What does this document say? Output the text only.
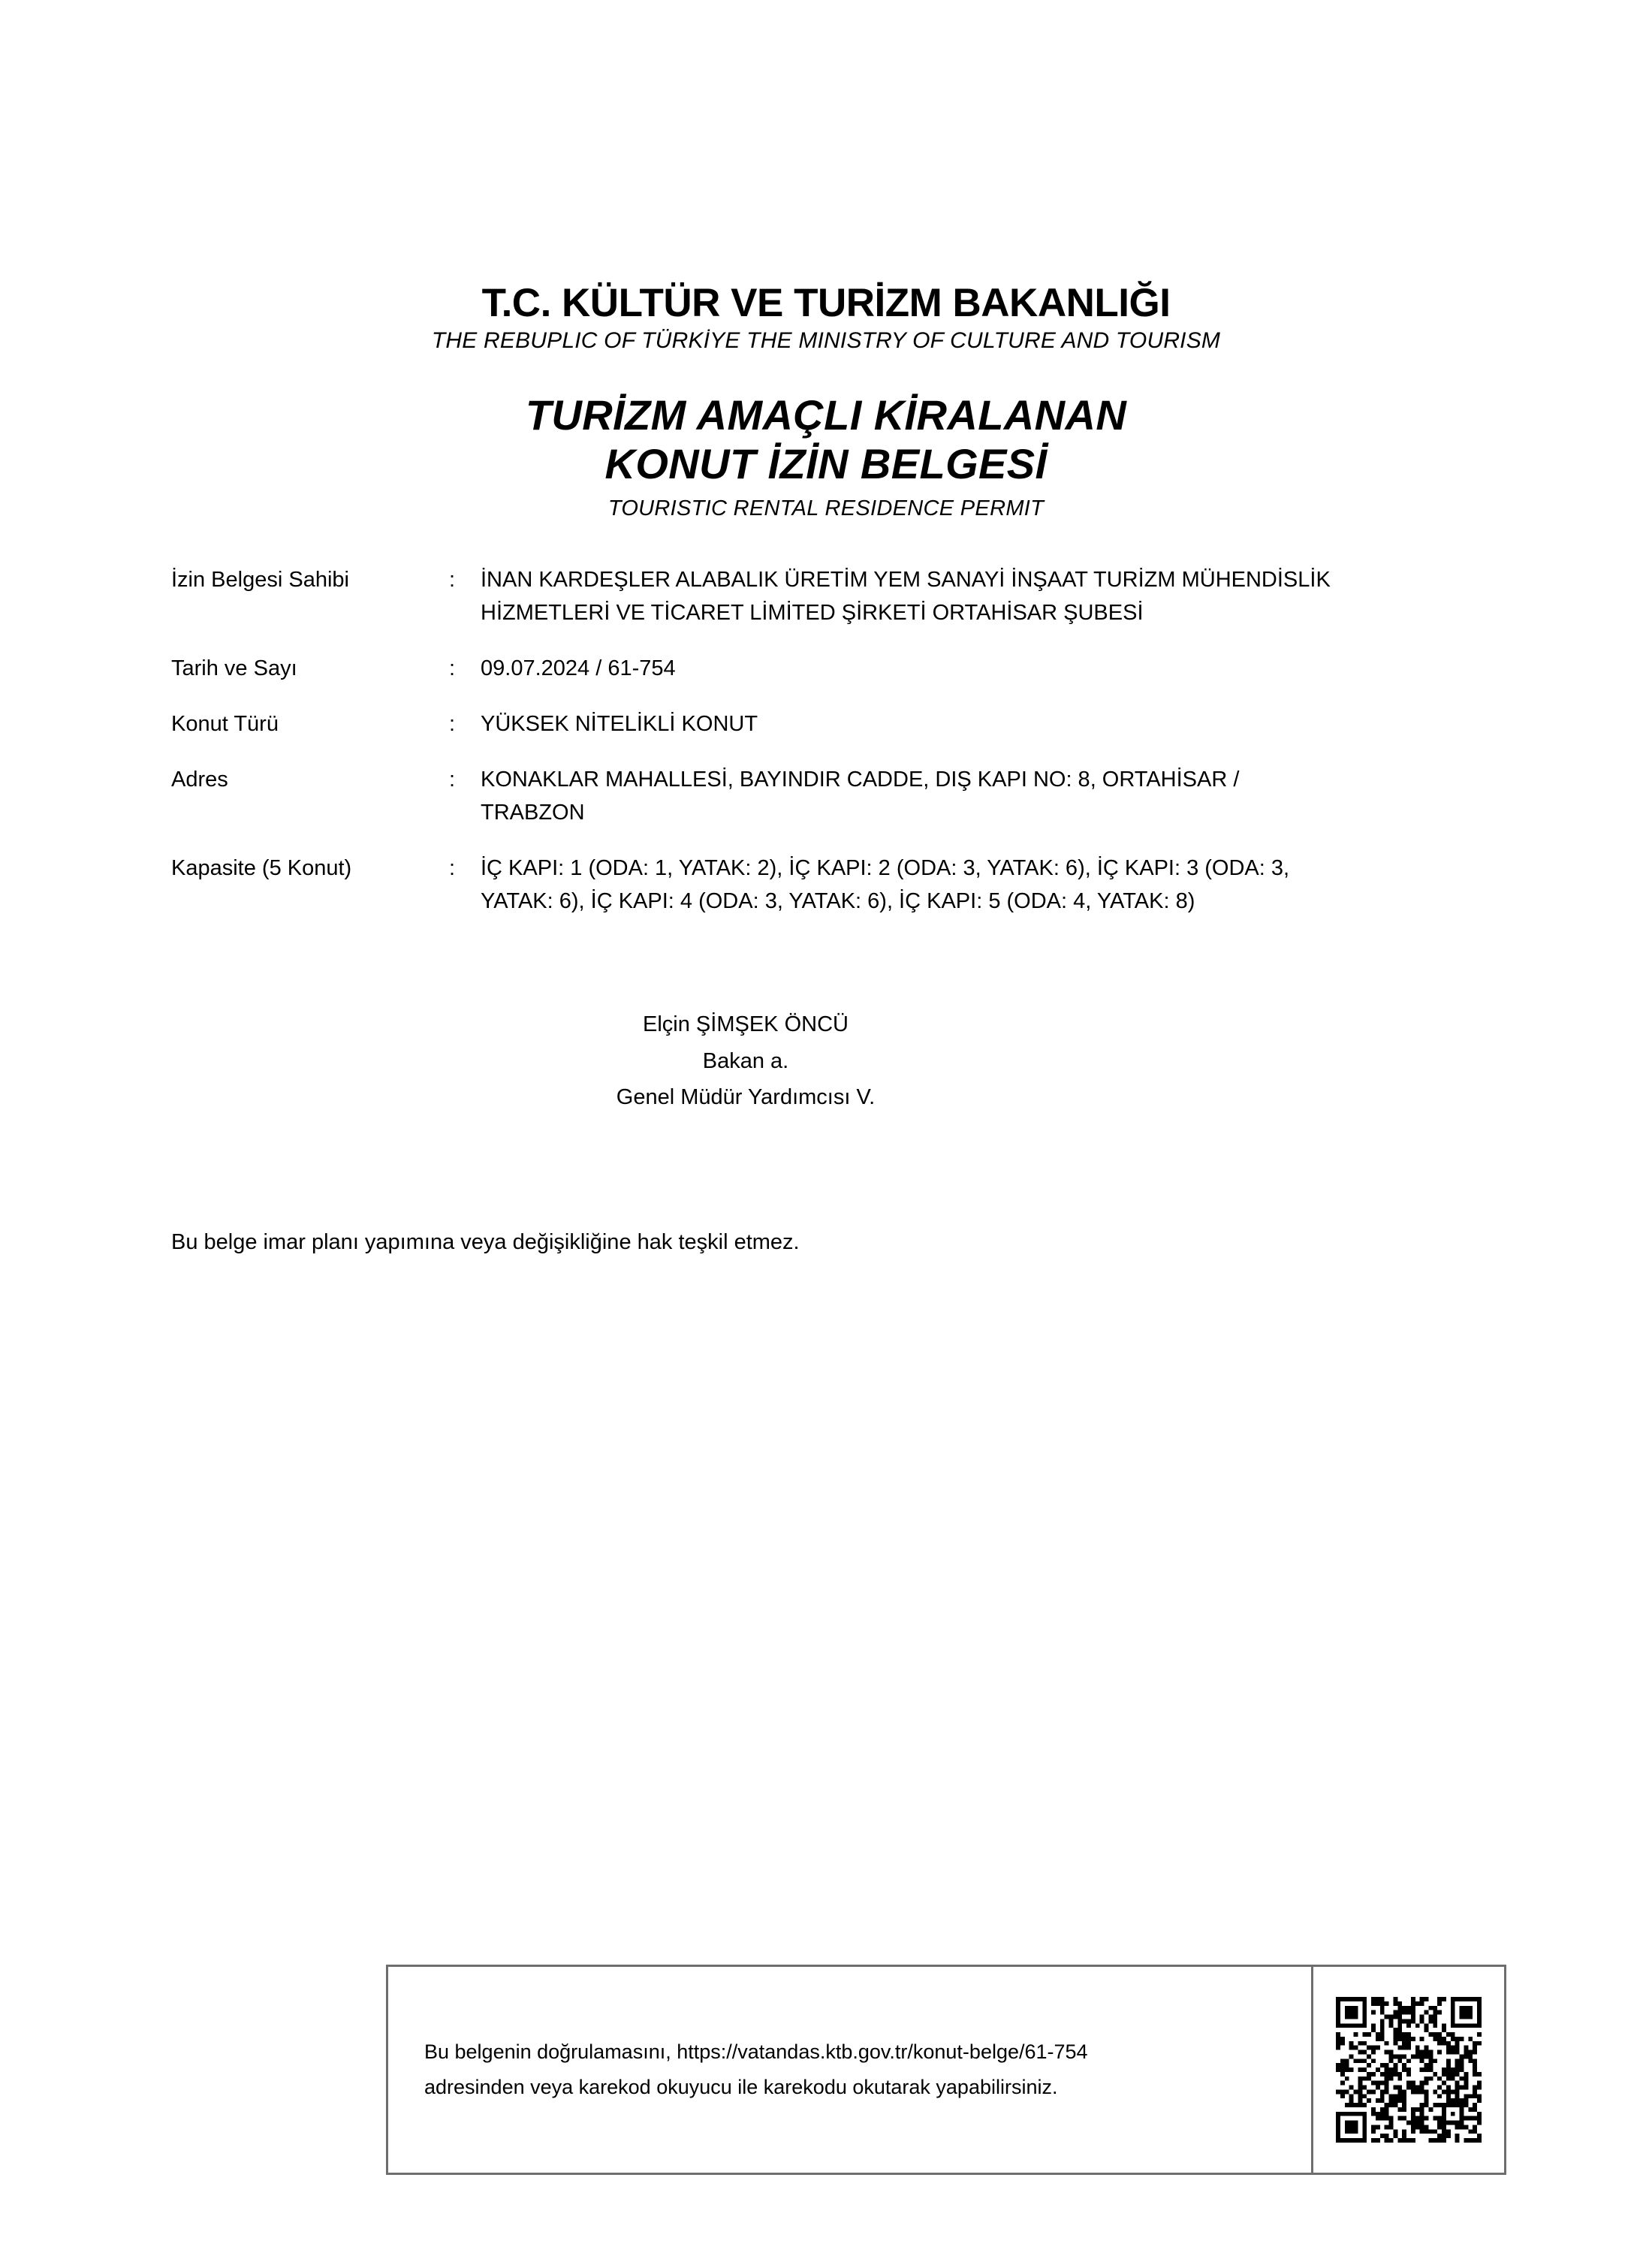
T.C. KÜLTÜR VE TURİZM BAKANLIĞI
THE REBUPLIC OF TÜRKİYE THE MINISTRY OF CULTURE AND TOURISM
TURİZM AMAÇLI KİRALANAN
KONUT İZİN BELGESİ
TOURISTIC RENTAL RESIDENCE PERMIT
İzin Belgesi Sahibi	:	İNAN KARDEŞLER ALABALIK ÜRETİM YEM SANAYİ İNŞAAT TURİZM MÜHENDİSLİK
HİZMETLERİ VE TİCARET LİMİTED ŞİRKETİ ORTAHİSAR ŞUBESİ
Tarih ve Sayı	:	09.07.2024 / 61-754
Konut Türü	:	YÜKSEK NİTELİKLİ KONUT
Adres	:	KONAKLAR MAHALLESİ, BAYINDIR CADDE, DIŞ KAPI NO: 8, ORTAHİSAR /
TRABZON
Kapasite (5 Konut)	:	İÇ KAPI: 1 (ODA: 1, YATAK: 2), İÇ KAPI: 2 (ODA: 3, YATAK: 6), İÇ KAPI: 3 (ODA: 3,
YATAK: 6), İÇ KAPI: 4 (ODA: 3, YATAK: 6), İÇ KAPI: 5 (ODA: 4, YATAK: 8)
Elçin ŞİMŞEK ÖNCÜ
Bakan a.
Genel Müdür Yardımcısı V.
Bu belge imar planı yapımına veya değişikliğine hak teşkil etmez.
Bu belgenin doğrulamasını, https://vatandas.ktb.gov.tr/konut-belge/61-754
adresinden veya karekod okuyucu ile karekodu okutarak yapabilirsiniz.
